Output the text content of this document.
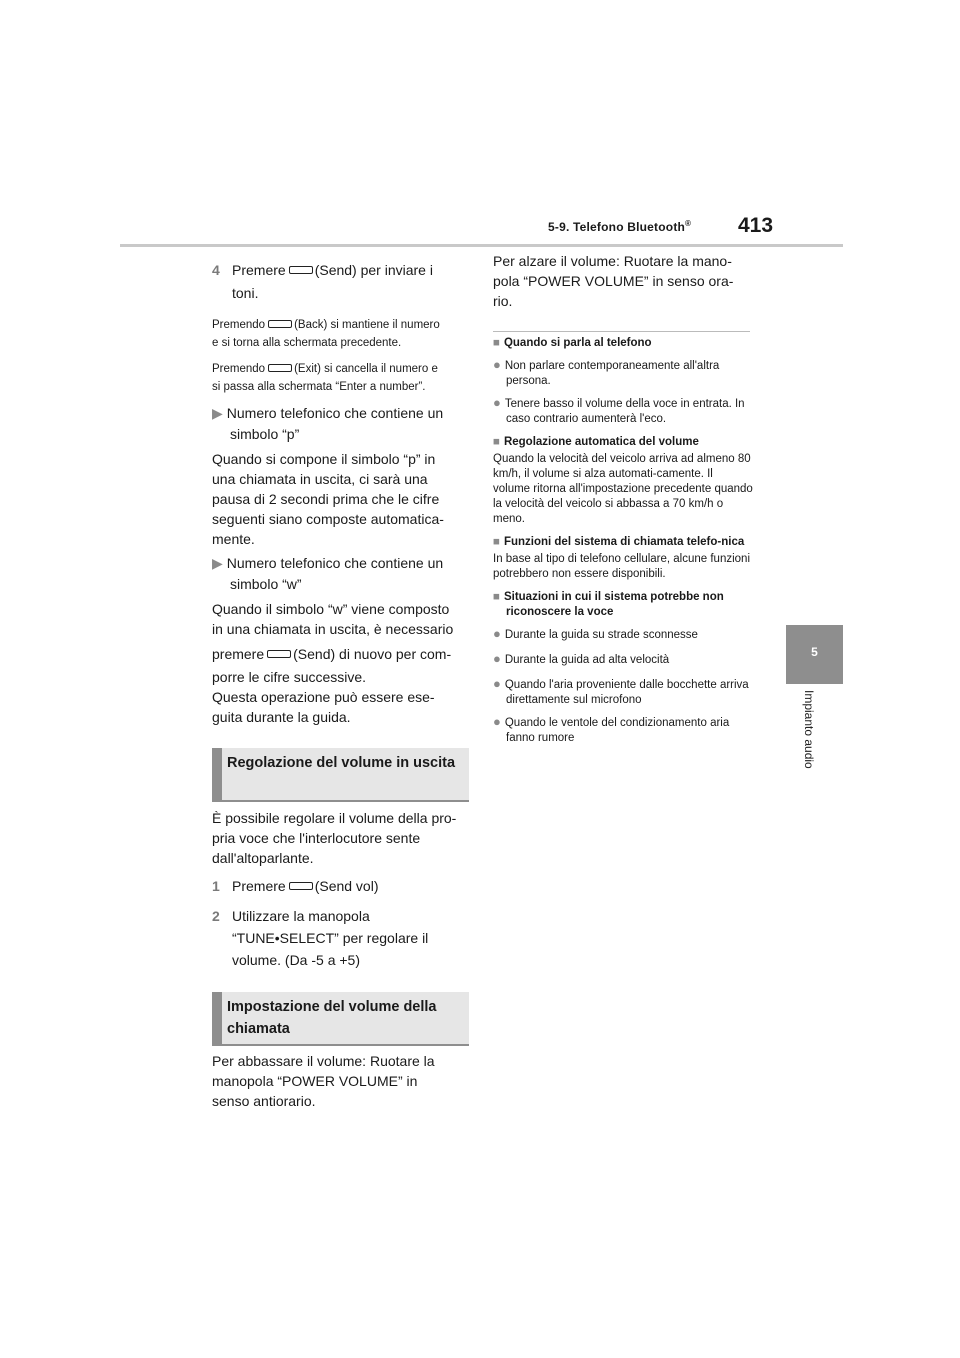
5-9. Telefono Bluetooth® 413
5
Impianto audio
4 Premere (Send) per inviare i
toni.
Premendo	(Back) si mantiene il numero
e si torna alla schermata precedente.
Premendo	(Exit) si cancella il numero e
si passa alla schermata “Enter a number”.
▶ Numero telefonico che contiene un
simbolo “p”
Quando si compone il simbolo “p” in
una chiamata in uscita, ci sarà una
pausa di 2 secondi prima che le cifre
seguenti siano composte automatica-
mente.
▶ Numero telefonico che contiene un
simbolo “w”
Quando il simbolo “w” viene composto
in una chiamata in uscita, è necessario
premere (Send) di nuovo per com-
porre le cifre successive.
Questa operazione può essere ese-
guita durante la guida.
Regolazione del volume in uscita
È possibile regolare il volume della pro-
pria voce che l'interlocutore sente
dall'altoparlante.
1 Premere (Send vol)
2 Utilizzare la manopola
“TUNE•SELECT” per regolare il
volume. (Da -5 a +5)
Impostazione del volume della chiamata
Per abbassare il volume: Ruotare la
manopola “POWER VOLUME” in
senso antiorario.
Per alzare il volume: Ruotare la mano-
pola “POWER VOLUME” in senso ora-
rio.
■ Quando si parla al telefono
● Non parlare contemporaneamente all'altra persona.
● Tenere basso il volume della voce in entrata. In caso contrario aumenterà l'eco.
■ Regolazione automatica del volume
Quando la velocità del veicolo arriva ad almeno 80 km/h, il volume si alza automati-camente. Il volume ritorna all'impostazione precedente quando la velocità del veicolo si abbassa a 70 km/h o meno.
■ Funzioni del sistema di chiamata telefo-nica
In base al tipo di telefono cellulare, alcune funzioni potrebbero non essere disponibili.
■ Situazioni in cui il sistema potrebbe non riconoscere la voce
● Durante la guida su strade sconnesse
● Durante la guida ad alta velocità
● Quando l'aria proveniente dalle bocchette arriva direttamente sul microfono
● Quando le ventole del condizionamento aria fanno rumore
